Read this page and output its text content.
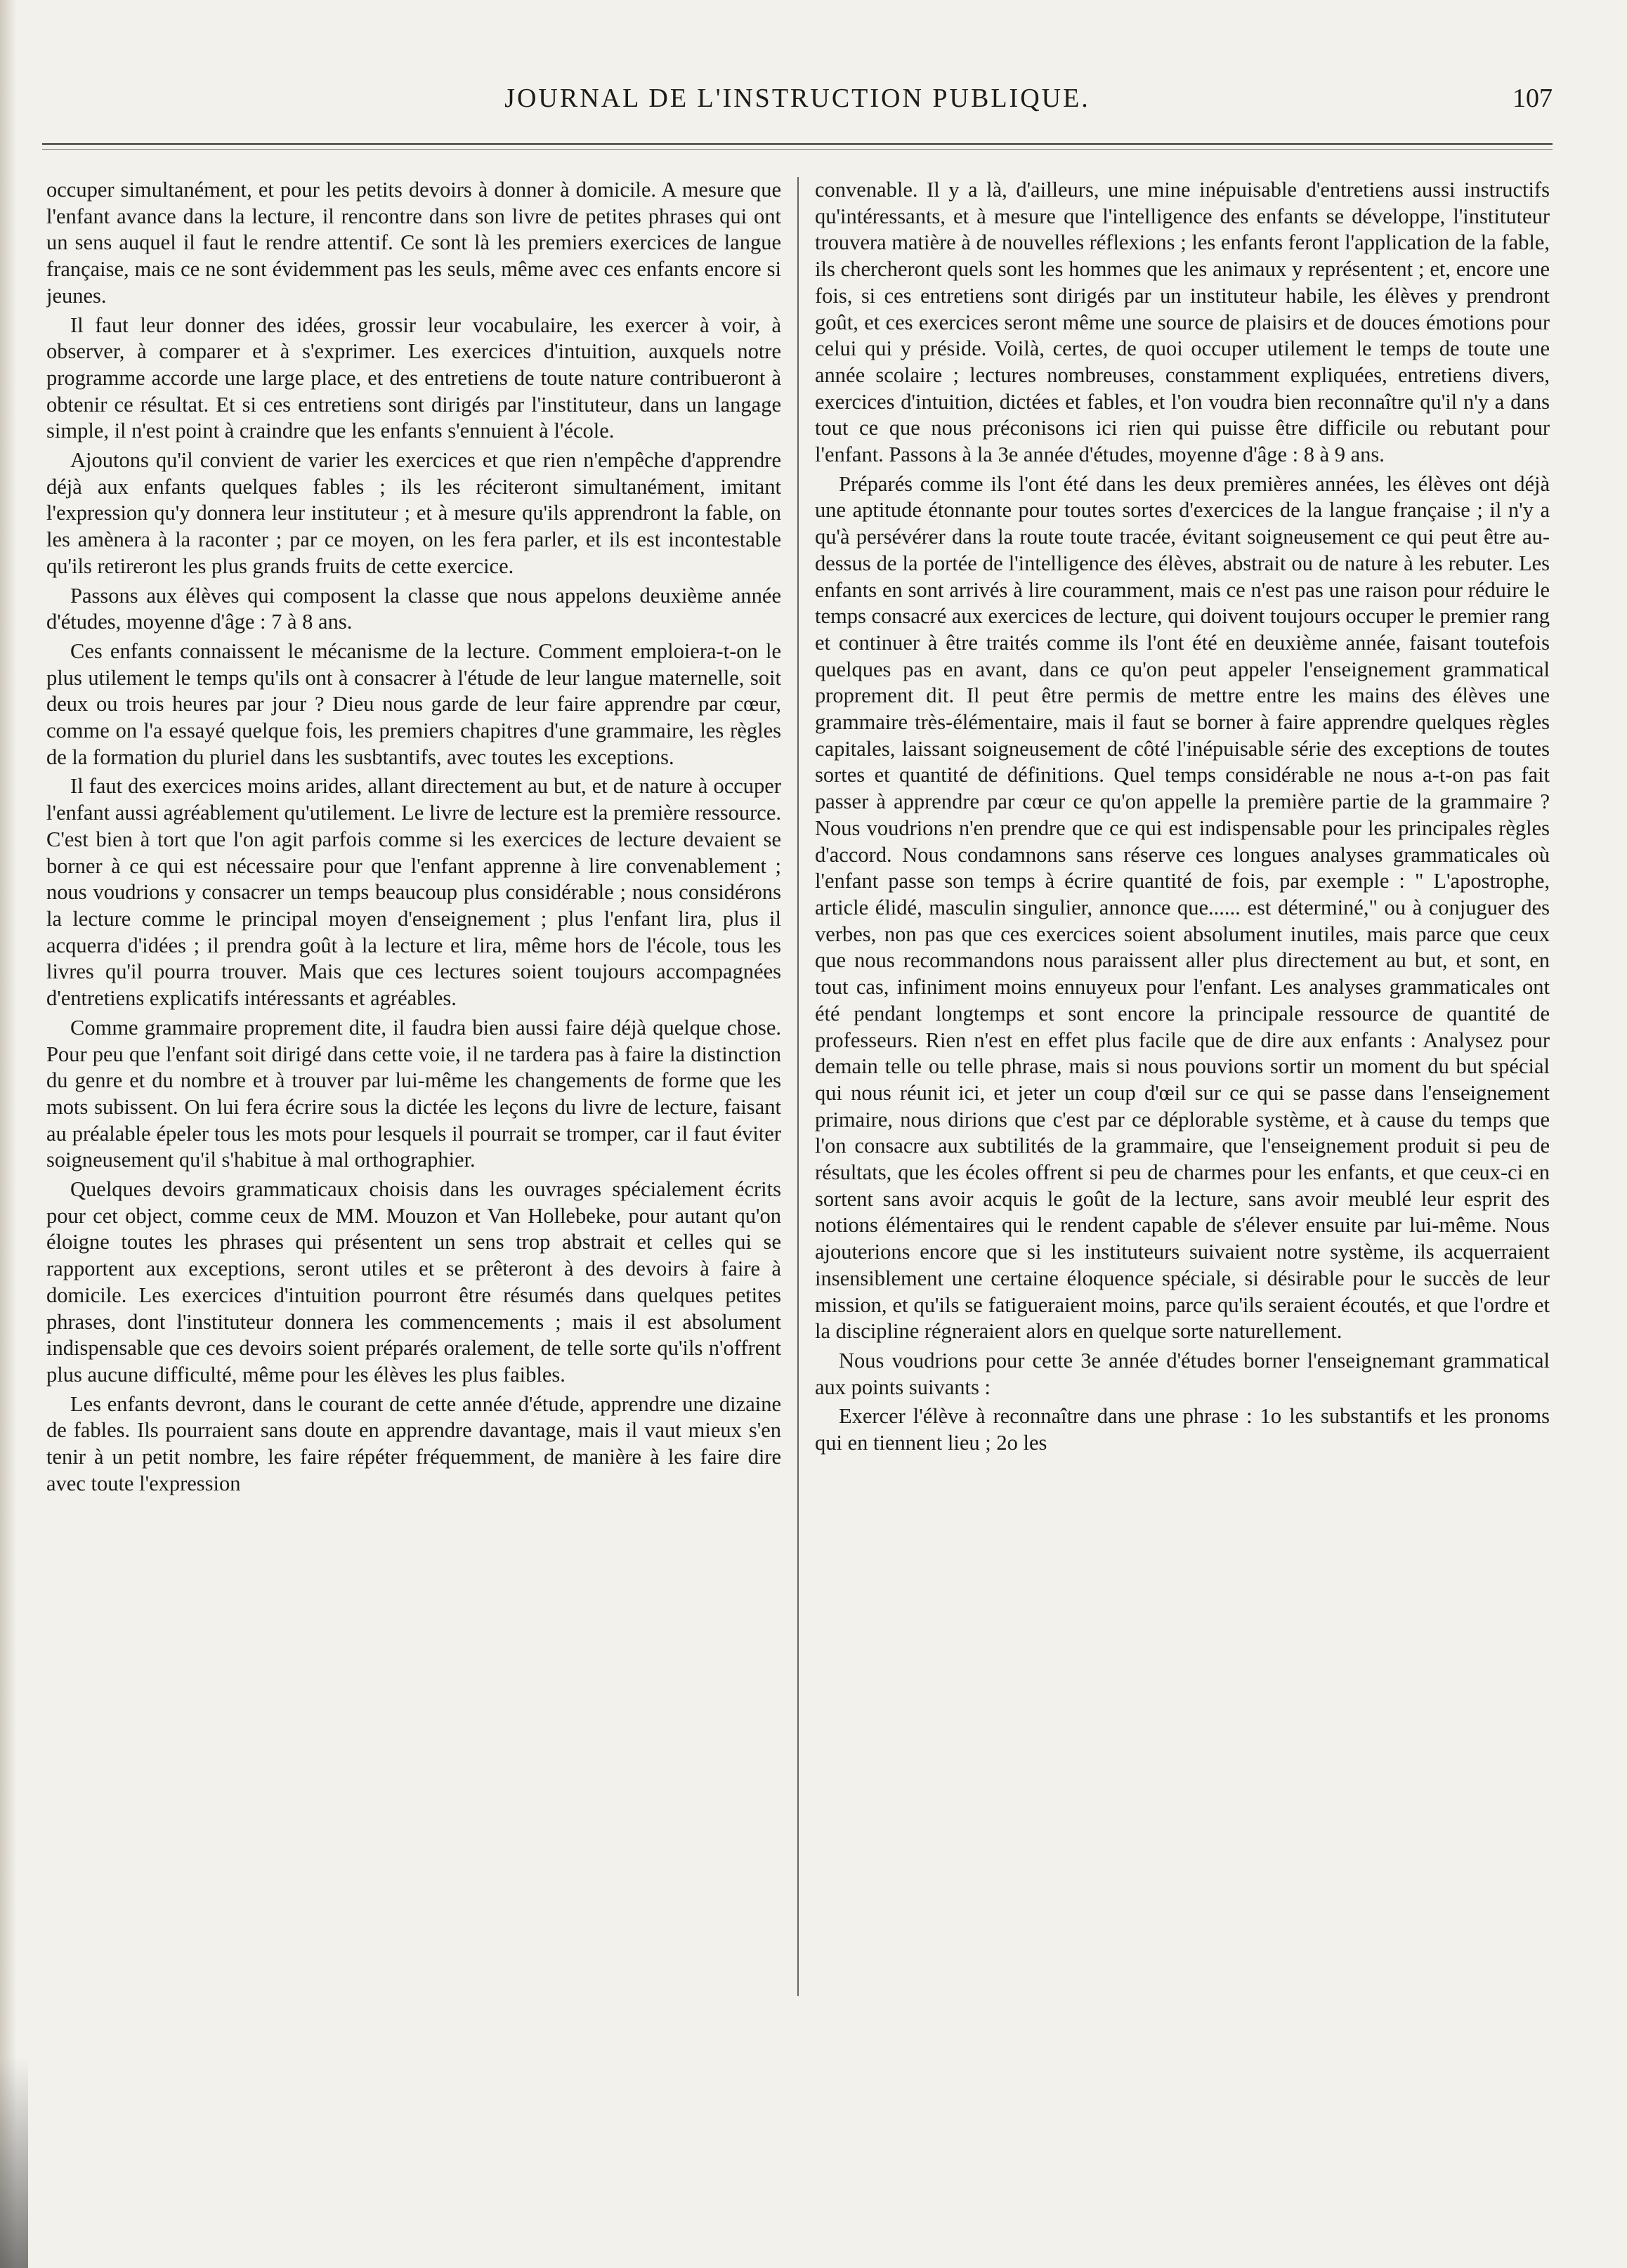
JOURNAL DE L'INSTRUCTION PUBLIQUE.	107

occuper simultanément, et pour les petits devoirs à donner à domicile. A mesure que l'enfant avance dans la lecture, il rencontre dans son livre de petites phrases qui ont un sens auquel il faut le rendre attentif. Ce sont là les premiers exercices de langue française, mais ce ne sont évidemment pas les seuls, même avec ces enfants encore si jeunes.

Il faut leur donner des idées, grossir leur vocabulaire, les exercer à voir, à observer, à comparer et à s'exprimer. Les exercices d'intuition, auxquels notre programme accorde une large place, et des entretiens de toute nature contribueront à obtenir ce résultat. Et si ces entretiens sont dirigés par l'instituteur, dans un langage simple, il n'est point à craindre que les enfants s'ennuient à l'école.

Ajoutons qu'il convient de varier les exercices et que rien n'empêche d'apprendre déjà aux enfants quelques fables ; ils les réciteront simultanément, imitant l'expression qu'y donnera leur instituteur ; et à mesure qu'ils apprendront la fable, on les amènera à la raconter ; par ce moyen, on les fera parler, et ils est incontestable qu'ils retireront les plus grands fruits de cette exercice.

Passons aux élèves qui composent la classe que nous appelons deuxième année d'études, moyenne d'âge : 7 à 8 ans.

Ces enfants connaissent le mécanisme de la lecture. Comment emploiera-t-on le plus utilement le temps qu'ils ont à consacrer à l'étude de leur langue maternelle, soit deux ou trois heures par jour ? Dieu nous garde de leur faire apprendre par cœur, comme on l'a essayé quelque fois, les premiers chapitres d'une grammaire, les règles de la formation du pluriel dans les susbtantifs, avec toutes les exceptions.

Il faut des exercices moins arides, allant directement au but, et de nature à occuper l'enfant aussi agréablement qu'utilement. Le livre de lecture est la première ressource. C'est bien à tort que l'on agit parfois comme si les exercices de lecture devaient se borner à ce qui est nécessaire pour que l'enfant apprenne à lire convenablement ; nous voudrions y consacrer un temps beaucoup plus considérable ; nous considérons la lecture comme le principal moyen d'enseignement ; plus l'enfant lira, plus il acquerra d'idées ; il prendra goût à la lecture et lira, même hors de l'école, tous les livres qu'il pourra trouver. Mais que ces lectures soient toujours accompagnées d'entretiens explicatifs intéressants et agréables.

Comme grammaire proprement dite, il faudra bien aussi faire déjà quelque chose. Pour peu que l'enfant soit dirigé dans cette voie, il ne tardera pas à faire la distinction du genre et du nombre et à trouver par lui-même les changements de forme que les mots subissent. On lui fera écrire sous la dictée les leçons du livre de lecture, faisant au préalable épeler tous les mots pour lesquels il pourrait se tromper, car il faut éviter soigneusement qu'il s'habitue à mal orthographier.

Quelques devoirs grammaticaux choisis dans les ouvrages spécialement écrits pour cet object, comme ceux de MM. Mouzon et Van Hollebeke, pour autant qu'on éloigne toutes les phrases qui présentent un sens trop abstrait et celles qui se rapportent aux exceptions, seront utiles et se prêteront à des devoirs à faire à domicile. Les exercices d'intuition pourront être résumés dans quelques petites phrases, dont l'instituteur donnera les commencements ; mais il est absolument indispensable que ces devoirs soient préparés oralement, de telle sorte qu'ils n'offrent plus aucune difficulté, même pour les élèves les plus faibles.

Les enfants devront, dans le courant de cette année d'étude, apprendre une dizaine de fables. Ils pourraient sans doute en apprendre davantage, mais il vaut mieux s'en tenir à un petit nombre, les faire répéter fréquemment, de manière à les faire dire avec toute l'expression

convenable. Il y a là, d'ailleurs, une mine inépuisable d'entretiens aussi instructifs qu'intéressants, et à mesure que l'intelligence des enfants se développe, l'instituteur trouvera matière à de nouvelles réflexions ; les enfants feront l'application de la fable, ils chercheront quels sont les hommes que les animaux y représentent ; et, encore une fois, si ces entretiens sont dirigés par un instituteur habile, les élèves y prendront goût, et ces exercices seront même une source de plaisirs et de douces émotions pour celui qui y préside. Voilà, certes, de quoi occuper utilement le temps de toute une année scolaire ; lectures nombreuses, constamment expliquées, entretiens divers, exercices d'intuition, dictées et fables, et l'on voudra bien reconnaître qu'il n'y a dans tout ce que nous préconisons ici rien qui puisse être difficile ou rebutant pour l'enfant. Passons à la 3e année d'études, moyenne d'âge : 8 à 9 ans.

Préparés comme ils l'ont été dans les deux premières années, les élèves ont déjà une aptitude étonnante pour toutes sortes d'exercices de la langue française ; il n'y a qu'à persévérer dans la route toute tracée, évitant soigneusement ce qui peut être au-dessus de la portée de l'intelligence des élèves, abstrait ou de nature à les rebuter. Les enfants en sont arrivés à lire couramment, mais ce n'est pas une raison pour réduire le temps consacré aux exercices de lecture, qui doivent toujours occuper le premier rang et continuer à être traités comme ils l'ont été en deuxième année, faisant toutefois quelques pas en avant, dans ce qu'on peut appeler l'enseignement grammatical proprement dit. Il peut être permis de mettre entre les mains des élèves une grammaire très-élémentaire, mais il faut se borner à faire apprendre quelques règles capitales, laissant soigneusement de côté l'inépuisable série des exceptions de toutes sortes et quantité de définitions. Quel temps considérable ne nous a-t-on pas fait passer à apprendre par cœur ce qu'on appelle la première partie de la grammaire ? Nous voudrions n'en prendre que ce qui est indispensable pour les principales règles d'accord. Nous condamnons sans réserve ces longues analyses grammaticales où l'enfant passe son temps à écrire quantité de fois, par exemple : " L'apostrophe, article élidé, masculin singulier, annonce que...... est déterminé," ou à conjuguer des verbes, non pas que ces exercices soient absolument inutiles, mais parce que ceux que nous recommandons nous paraissent aller plus directement au but, et sont, en tout cas, infiniment moins ennuyeux pour l'enfant. Les analyses grammaticales ont été pendant longtemps et sont encore la principale ressource de quantité de professeurs. Rien n'est en effet plus facile que de dire aux enfants : Analysez pour demain telle ou telle phrase, mais si nous pouvions sortir un moment du but spécial qui nous réunit ici, et jeter un coup d'œil sur ce qui se passe dans l'enseignement primaire, nous dirions que c'est par ce déplorable système, et à cause du temps que l'on consacre aux subtilités de la grammaire, que l'enseignement produit si peu de résultats, que les écoles offrent si peu de charmes pour les enfants, et que ceux-ci en sortent sans avoir acquis le goût de la lecture, sans avoir meublé leur esprit des notions élémentaires qui le rendent capable de s'élever ensuite par lui-même. Nous ajouterions encore que si les instituteurs suivaient notre système, ils acquerraient insensiblement une certaine éloquence spéciale, si désirable pour le succès de leur mission, et qu'ils se fatigueraient moins, parce qu'ils seraient écoutés, et que l'ordre et la discipline régneraient alors en quelque sorte naturellement.

Nous voudrions pour cette 3e année d'études borner l'enseignemant grammatical aux points suivants :

Exercer l'élève à reconnaître dans une phrase : 1o les substantifs et les pronoms qui en tiennent lieu ; 2o les
